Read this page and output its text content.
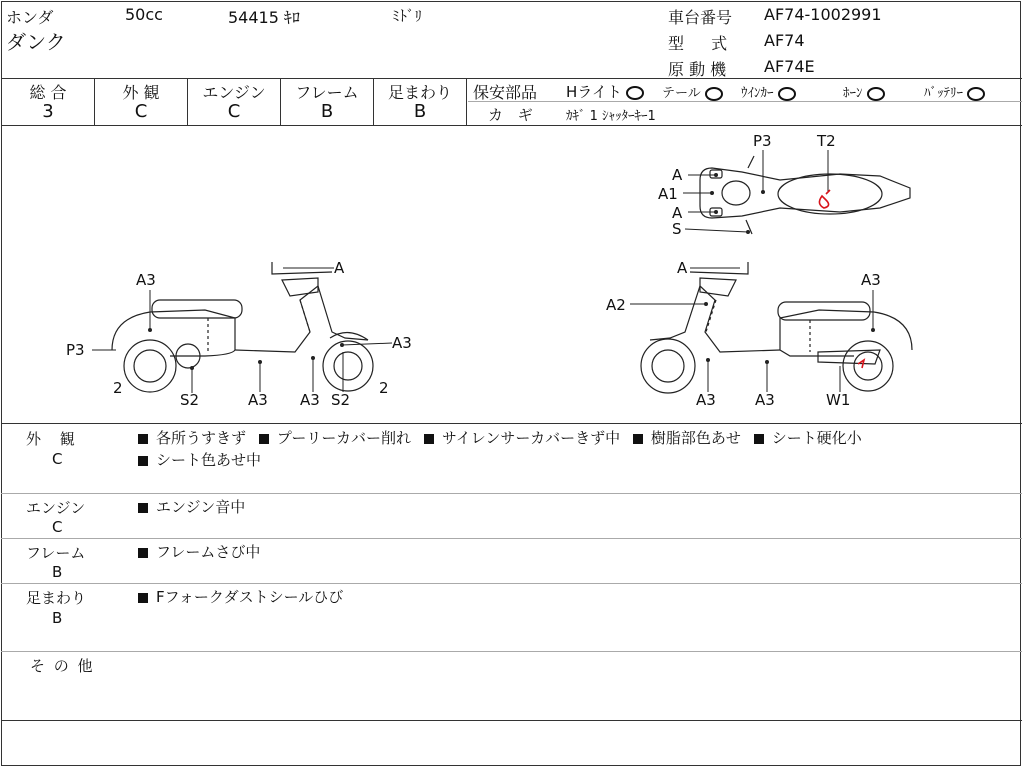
ホンダ	50cc	54415 ｷﾛ	ﾐﾄﾞﾘ
ダンク
車台番号 AF74-1002991
型 式 AF74
原 動 機 AF74E
総 合
3
外 観
C
エンジン
C
フレーム
B
足まわり
B
保安部品 Hライト	テール	ｳｲﾝｶｰ	ﾎｰﾝ	ﾊﾞｯﾃﾘｰ
カ ギ	ｶｷﾞ 1 ｼｬｯﾀｰｷｰ1
P3	T2
A
A1
A
S
A3
A
P3	A3
2
S2	A3 A3 S2
2
A
A3
A2
A3	A3	W1
外 観
C
各所うすきず プーリーカバー削れ サイレンサーカバーきず中 樹脂部色あせ シート硬化小
シート色あせ中
エンジン
C
エンジン音中
フレーム
B
フレームさび中
足まわり
B
Fフォークダストシールひび
そ の 他
